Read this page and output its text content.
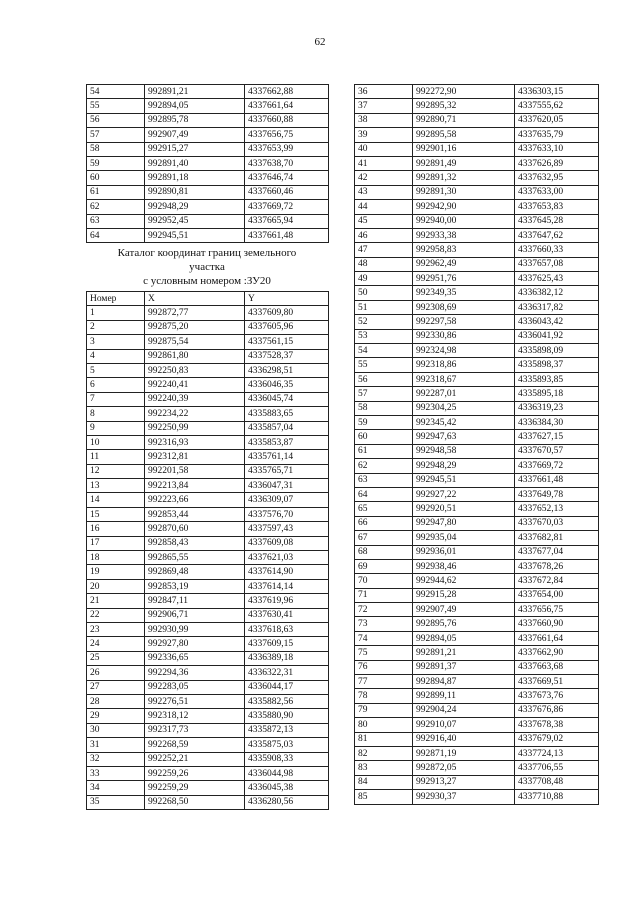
62
54	992891,21	4337662,88
55	992894,05	4337661,64
56	992895,78	4337660,88
57	992907,49	4337656,75
58	992915,27	4337653,99
59	992891,40	4337638,70
60	992891,18	4337646,74
61	992890,81	4337660,46
62	992948,29	4337669,72
63	992952,45	4337665,94
64	992945,51	4337661,48
Каталог координат границ земельного
участка
с условным номером :ЗУ20
Номер	X	Y
1	992872,77	4337609,80
2	992875,20	4337605,96
3	992875,54	4337561,15
4	992861,80	4337528,37
5	992250,83	4336298,51
6	992240,41	4336046,35
7	992240,39	4336045,74
8	992234,22	4335883,65
9	992250,99	4335857,04
10	992316,93	4335853,87
11	992312,81	4335761,14
12	992201,58	4335765,71
13	992213,84	4336047,31
14	992223,66	4336309,07
15	992853,44	4337576,70
16	992870,60	4337597,43
17	992858,43	4337609,08
18	992865,55	4337621,03
19	992869,48	4337614,90
20	992853,19	4337614,14
21	992847,11	4337619,96
22	992906,71	4337630,41
23	992930,99	4337618,63
24	992927,80	4337609,15
25	992336,65	4336389,18
26	992294,36	4336322,31
27	992283,05	4336044,17
28	992276,51	4335882,56
29	992318,12	4335880,90
30	992317,73	4335872,13
31	992268,59	4335875,03
32	992252,21	4335908,33
33	992259,26	4336044,98
34	992259,29	4336045,38
35	992268,50	4336280,56
36	992272,90	4336303,15
37	992895,32	4337555,62
38	992890,71	4337620,05
39	992895,58	4337635,79
40	992901,16	4337633,10
41	992891,49	4337626,89
42	992891,32	4337632,95
43	992891,30	4337633,00
44	992942,90	4337653,83
45	992940,00	4337645,28
46	992933,38	4337647,62
47	992958,83	4337660,33
48	992962,49	4337657,08
49	992951,76	4337625,43
50	992349,35	4336382,12
51	992308,69	4336317,82
52	992297,58	4336043,42
53	992330,86	4336041,92
54	992324,98	4335898,09
55	992318,86	4335898,37
56	992318,67	4335893,85
57	992287,01	4335895,18
58	992304,25	4336319,23
59	992345,42	4336384,30
60	992947,63	4337627,15
61	992948,58	4337670,57
62	992948,29	4337669,72
63	992945,51	4337661,48
64	992927,22	4337649,78
65	992920,51	4337652,13
66	992947,80	4337670,03
67	992935,04	4337682,81
68	992936,01	4337677,04
69	992938,46	4337678,26
70	992944,62	4337672,84
71	992915,28	4337654,00
72	992907,49	4337656,75
73	992895,76	4337660,90
74	992894,05	4337661,64
75	992891,21	4337662,90
76	992891,37	4337663,68
77	992894,87	4337669,51
78	992899,11	4337673,76
79	992904,24	4337676,86
80	992910,07	4337678,38
81	992916,40	4337679,02
82	992871,19	4337724,13
83	992872,05	4337706,55
84	992913,27	4337708,48
85	992930,37	4337710,88
